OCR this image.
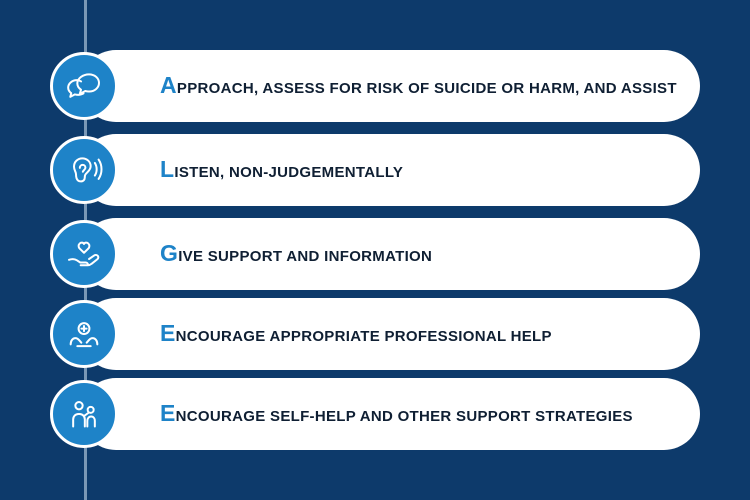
APPROACH, ASSESS FOR RISK OF SUICIDE OR HARM, AND ASSIST
LISTEN, NON-JUDGEMENTALLY
GIVE SUPPORT AND INFORMATION
ENCOURAGE APPROPRIATE PROFESSIONAL HELP
ENCOURAGE SELF-HELP AND OTHER SUPPORT STRATEGIES
